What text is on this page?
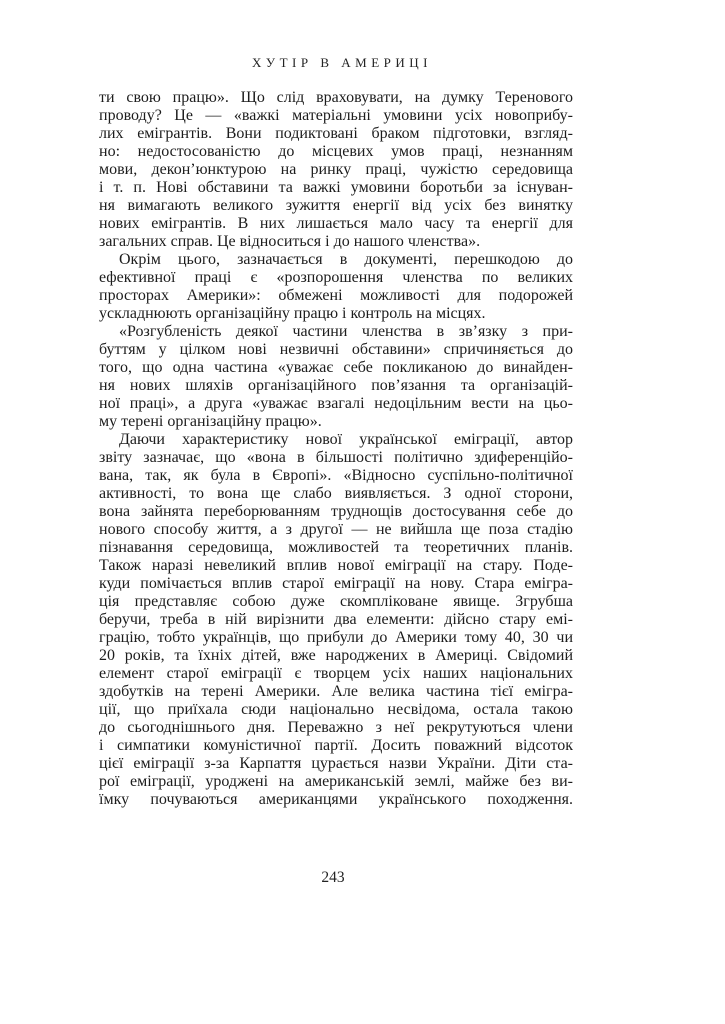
ХУТІР В АМЕРИЦІ

ти свою працю». Що слід враховувати, на думку Теренового
проводу? Це — «важкі матеріальні умовини усіх новоприбу-
лих емігрантів. Вони подиктовані браком підготовки, взгляд-
но: недостосованістю до місцевих умов праці, незнанням
мови, декон’юнктурою на ринку праці, чужістю середовища
і т. п. Нові обставини та важкі умовини боротьби за існуван-
ня вимагають великого зужиття енергії від усіх без винятку
нових емігрантів. В них лишається мало часу та енергії для
загальних справ. Це відноситься і до нашого членства».

Окрім цього, зазначається в документі, перешкодою до
ефективної праці є «розпорошення членства по великих
просторах Америки»: обмежені можливості для подорожей
ускладнюють організаційну працю і контроль на місцях.

«Розгубленість деякої частини членства в зв’язку з при-
буттям у цілком нові незвичні обставини» спричиняється до
того, що одна частина «уважає себе покликаною до винайден-
ня нових шляхів організаційного пов’язання та організацій-
ної праці», а друга «уважає взагалі недоцільним вести на цьо-
му терені організаційну працю».

Даючи характеристику нової української еміграції, автор
звіту зазначає, що «вона в більшості політично здиференційо-
вана, так, як була в Європі». «Відносно суспільно-політичної
активності, то вона ще слабо виявляється. З одної сторони,
вона зайнята переборюванням труднощів достосування себе до
нового способу життя, а з другої — не вийшла ще поза стадію
пізнавання середовища, можливостей та теоретичних планів.
Також наразі невеликий вплив нової еміграції на стару. Поде-
куди помічається вплив старої еміграції на нову. Стара емігра-
ція представляє собою дуже скомпліковане явище. Згрубша
беручи, треба в ній вирізнити два елементи: дійсно стару емі-
грацію, тобто українців, що прибули до Америки тому 40, 30 чи
20 років, та їхніх дітей, вже народжених в Америці. Свідомий
елемент старої еміграції є творцем усіх наших національних
здобутків на терені Америки. Але велика частина тієї емігра-
ції, що приїхала сюди національно несвідома, остала такою
до сьогоднішнього дня. Переважно з неї рекрутуються члени
і симпатики комуністичної партії. Досить поважний відсоток
цієї еміграції з-за Карпаття цурається назви України. Діти ста-
рої еміграції, уроджені на американській землі, майже без ви-
їмку почуваються американцями українського походження.

243
